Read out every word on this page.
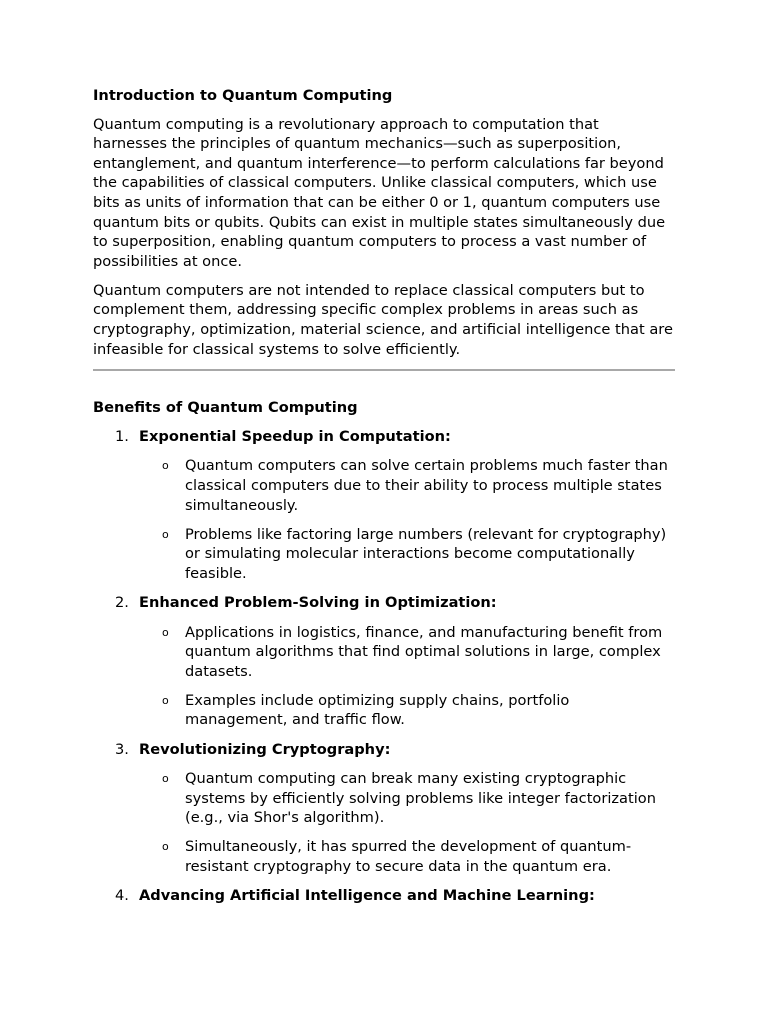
Introduction to Quantum Computing

Quantum computing is a revolutionary approach to computation that harnesses the principles of quantum mechanics—such as superposition, entanglement, and quantum interference—to perform calculations far beyond the capabilities of classical computers. Unlike classical computers, which use bits as units of information that can be either 0 or 1, quantum computers use quantum bits or qubits. Qubits can exist in multiple states simultaneously due to superposition, enabling quantum computers to process a vast number of possibilities at once.

Quantum computers are not intended to replace classical computers but to complement them, addressing specific complex problems in areas such as cryptography, optimization, material science, and artificial intelligence that are infeasible for classical systems to solve efficiently.

Benefits of Quantum Computing
1. Exponential Speedup in Computation:
o Quantum computers can solve certain problems much faster than classical computers due to their ability to process multiple states simultaneously.
o Problems like factoring large numbers (relevant for cryptography) or simulating molecular interactions become computationally feasible.
2. Enhanced Problem-Solving in Optimization:
o Applications in logistics, finance, and manufacturing benefit from quantum algorithms that find optimal solutions in large, complex datasets.
o Examples include optimizing supply chains, portfolio management, and traffic flow.
3. Revolutionizing Cryptography:
o Quantum computing can break many existing cryptographic systems by efficiently solving problems like integer factorization (e.g., via Shor's algorithm).
o Simultaneously, it has spurred the development of quantum-resistant cryptography to secure data in the quantum era.
4. Advancing Artificial Intelligence and Machine Learning:
